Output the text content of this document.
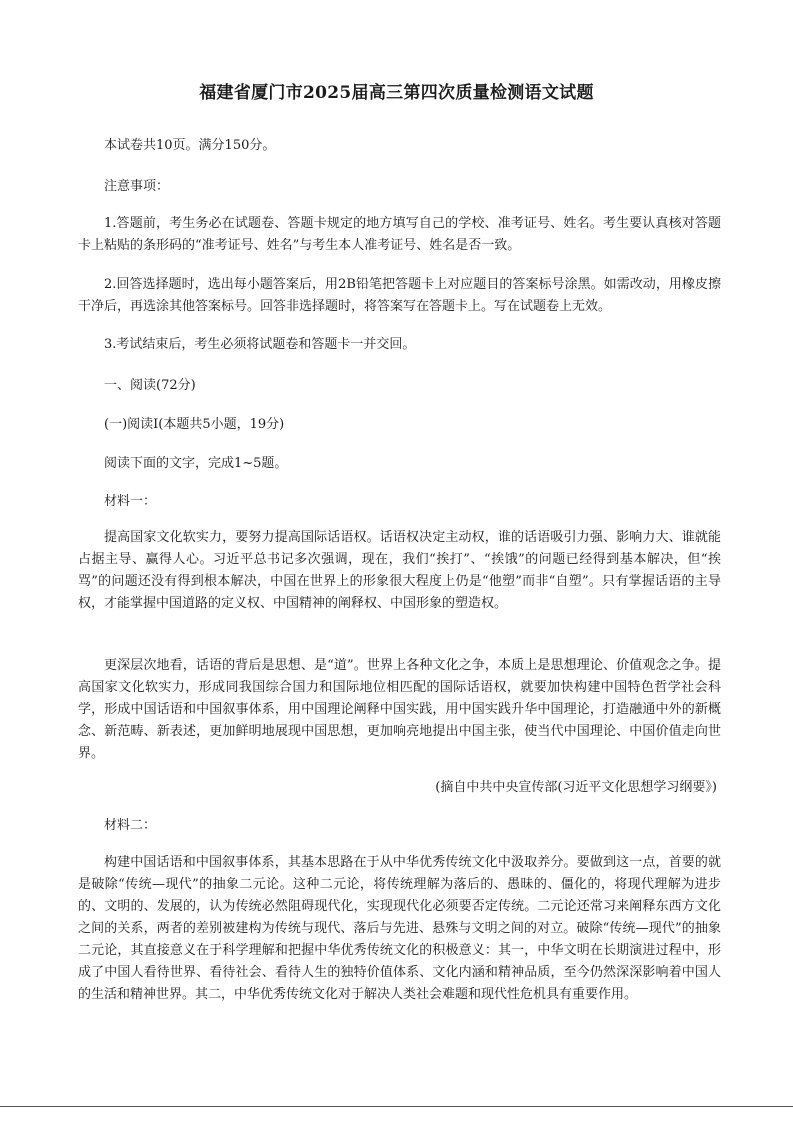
福建省厦门市2025届高三第四次质量检测语文试题
本试卷共10页。满分150分。
注意事项：
1.答题前，考生务必在试题卷、答题卡规定的地方填写自己的学校、准考证号、姓名。考生要认真核对答题卡上粘贴的条形码的“准考证号、姓名”与考生本人准考证号、姓名是否一致。
2.回答选择题时，选出每小题答案后，用2B铅笔把答题卡上对应题目的答案标号涂黑。如需改动，用橡皮擦干净后，再选涂其他答案标号。回答非选择题时，将答案写在答题卡上。写在试题卷上无效。
3.考试结束后，考生必须将试题卷和答题卡一并交回。
一、阅读(72分)
(一)阅读Ⅰ(本题共5小题，19分)
阅读下面的文字，完成1~5题。
材料一：
提高国家文化软实力，要努力提高国际话语权。话语权决定主动权，谁的话语吸引力强、影响力大、谁就能占据主导、赢得人心。习近平总书记多次强调，现在，我们“挨打”、“挨饿”的问题已经得到基本解决，但“挨骂”的问题还没有得到根本解决，中国在世界上的形象很大程度上仍是“他塑”而非“自塑”。只有掌握话语的主导权，才能掌握中国道路的定义权、中国精神的阐释权、中国形象的塑造权。
更深层次地看，话语的背后是思想、是“道”。世界上各种文化之争，本质上是思想理论、价值观念之争。提高国家文化软实力，形成同我国综合国力和国际地位相匹配的国际话语权，就要加快构建中国特色哲学社会科学，形成中国话语和中国叙事体系，用中国理论阐释中国实践，用中国实践升华中国理论，打造融通中外的新概念、新范畴、新表述，更加鲜明地展现中国思想，更加响亮地提出中国主张，使当代中国理论、中国价值走向世界。
(摘自中共中央宣传部(习近平文化思想学习纲要》)
材料二：
构建中国话语和中国叙事体系，其基本思路在于从中华优秀传统文化中汲取养分。要做到这一点，首要的就是破除“传统—现代”的抽象二元论。这种二元论，将传统理解为落后的、愚昧的、僵化的，将现代理解为进步的、文明的、发展的，认为传统必然阻碍现代化，实现现代化必须要否定传统。二元论还常习来阐释东西方文化之间的关系，两者的差别被建构为传统与现代、落后与先进、悬殊与文明之间的对立。破除“传统—现代”的抽象二元论，其直接意义在于科学理解和把握中华优秀传统文化的积极意义：其一，中华文明在长期演进过程中，形成了中国人看待世界、看待社会、看待人生的独特价值体系、文化内涵和精神品质，至今仍然深深影响着中国人的生活和精神世界。其二，中华优秀传统文化对于解决人类社会难题和现代性危机具有重要作用。
